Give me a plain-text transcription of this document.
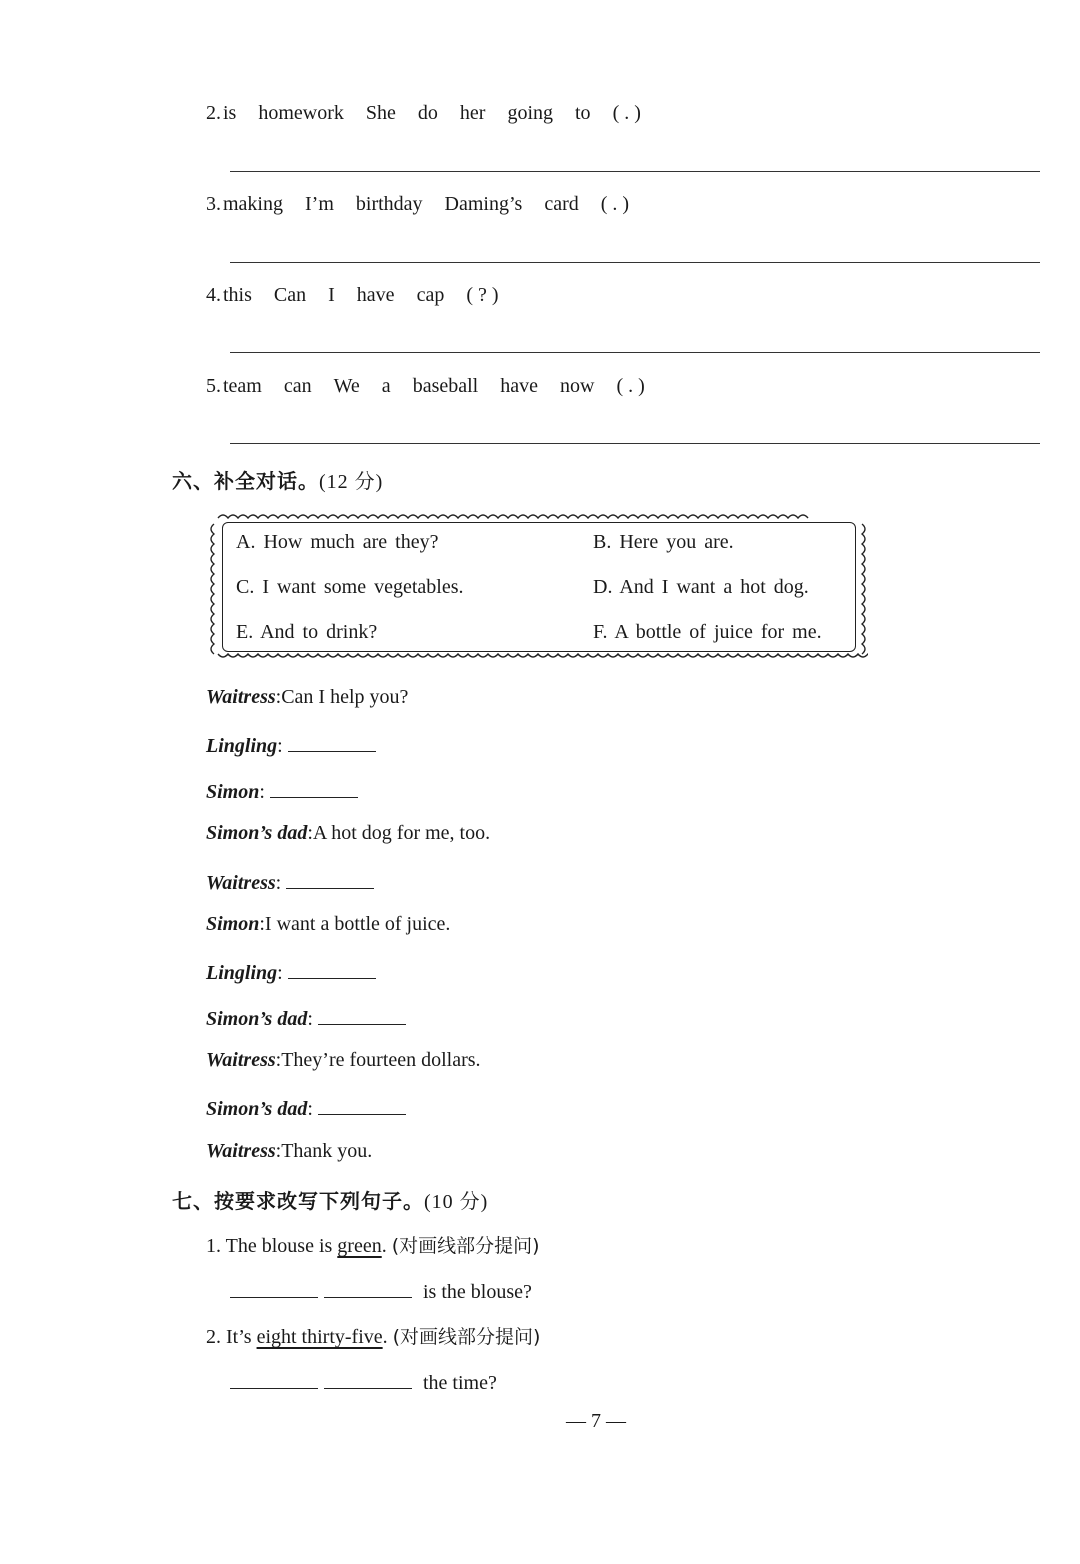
2. is homework She do her going to ( . )
3. making I’m birthday Daming’s card ( . )
4. this Can I have cap ( ? )
5. team can We a baseball have now ( . )
六、补全对话。(12 分)
A. How much are they?	B. Here you are.
C. I want some vegetables.	D. And I want a hot dog.
E. And to drink?	F. A bottle of juice for me.
Waitress:Can I help you?
Lingling:
Simon:
Simon’s dad:A hot dog for me, too.
Waitress:
Simon:I want a bottle of juice.
Lingling:
Simon’s dad:
Waitress:They’re fourteen dollars.
Simon’s dad:
Waitress:Thank you.
七、按要求改写下列句子。(10 分)
1. The blouse is green. (对画线部分提问)
is the blouse?
2. It’s eight thirty-five. (对画线部分提问)
the time?
— 7 —
